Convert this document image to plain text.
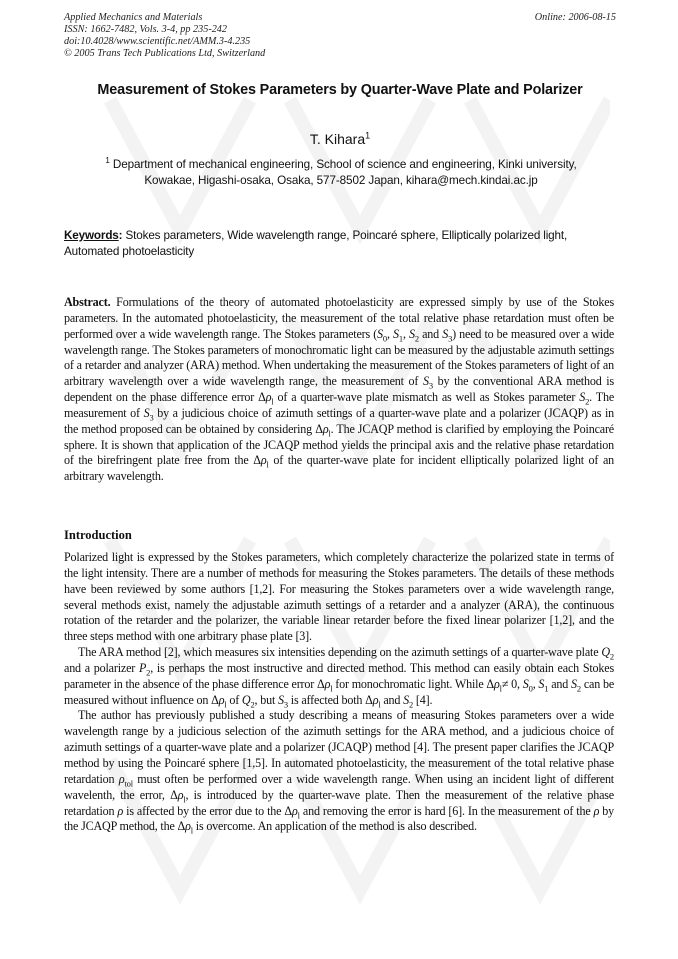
Applied Mechanics and Materials
ISSN: 1662-7482, Vols. 3-4, pp 235-242
doi:10.4028/www.scientific.net/AMM.3-4.235
© 2005 Trans Tech Publications Ltd, Switzerland
Online: 2006-08-15
Measurement of Stokes Parameters by Quarter-Wave Plate and Polarizer
T. Kihara$^1$
$^1$ Department of mechanical engineering, School of science and engineering, Kinki university,
Kowakae, Higashi-osaka, Osaka, 577-8502 Japan, kihara@mech.kindai.ac.jp
Keywords: Stokes parameters, Wide wavelength range, Poincaré sphere, Elliptically polarized light, Automated photoelasticity
Abstract. Formulations of the theory of automated photoelasticity are expressed simply by use of the Stokes parameters. In the automated photoelasticity, the measurement of the total relative phase retardation must often be performed over a wide wavelength range. The Stokes parameters ($S_0$, $S_1$, $S_2$ and $S_3$) need to be measured over a wide wavelength range. The Stokes parameters of monochromatic light can be measured by the adjustable azimuth settings of a retarder and analyzer (ARA) method. When undertaking the measurement of the Stokes parameters of light of an arbitrary wavelength over a wide wavelength range, the measurement of $S_3$ by the conventional ARA method is dependent on the phase difference error $\Delta\rho_l$ of a quarter-wave plate mismatch as well as Stokes parameter $S_2$. The measurement of $S_3$ by a judicious choice of azimuth settings of a quarter-wave plate and a polarizer (JCAQP) as in the method proposed can be obtained by considering $\Delta\rho_l$. The JCAQP method is clarified by employing the Poincaré sphere. It is shown that application of the JCAQP method yields the principal axis and the relative phase retardation of the birefringent plate free from the $\Delta\rho_l$ of the quarter-wave plate for incident elliptically polarized light of an arbitrary wavelength.
Introduction

Polarized light is expressed by the Stokes parameters, which completely characterize the polarized state in terms of the light intensity. There are a number of methods for measuring the Stokes parameters. The details of these methods have been reviewed by some authors [1,2]. For measuring the Stokes parameters over a wide wavelength range, several methods exist, namely the adjustable azimuth settings of a retarder and a analyzer (ARA), the continuous rotation of the retarder and the polarizer, the variable linear retarder before the fixed linear polarizer [1,2], and the three steps method with one arbitrary phase plate [3].

The ARA method [2], which measures six intensities depending on the azimuth settings of a quarter-wave plate $Q_2$ and a polarizer $P_2$, is perhaps the most instructive and directed method. This method can easily obtain each Stokes parameter in the absence of the phase difference error $\Delta\rho_l$ for monochromatic light. While $\Delta\rho_l\ne 0$, $S_0$, $S_1$ and $S_2$ can be measured without influence on $\Delta\rho_l$ of $Q_2$, but $S_3$ is affected both $\Delta\rho_l$ and $S_2$ [4].

The author has previously published a study describing a means of measuring Stokes parameters over a wide wavelength range by a judicious selection of the azimuth settings for the ARA method, and a judicious choice of azimuth settings of a quarter-wave plate and a polarizer (JCAQP) method [4]. The present paper clarifies the JCAQP method by using the Poincaré sphere [1,5]. In automated photoelasticity, the measurement of the total relative phase retardation $\rho_{tol}$ must often be performed over a wide wavelength range. When using an incident light of different wavelenth, the error, $\Delta\rho_l$, is introduced by the quarter-wave plate. Then the measurement of the relative phase retardation ρ is affected by the error due to the $\Delta\rho_l$ and removing the error is hard [6]. In the measurement of the ρ by the JCAQP method, the $\Delta\rho_l$ is overcome. An application of the method is also described.
